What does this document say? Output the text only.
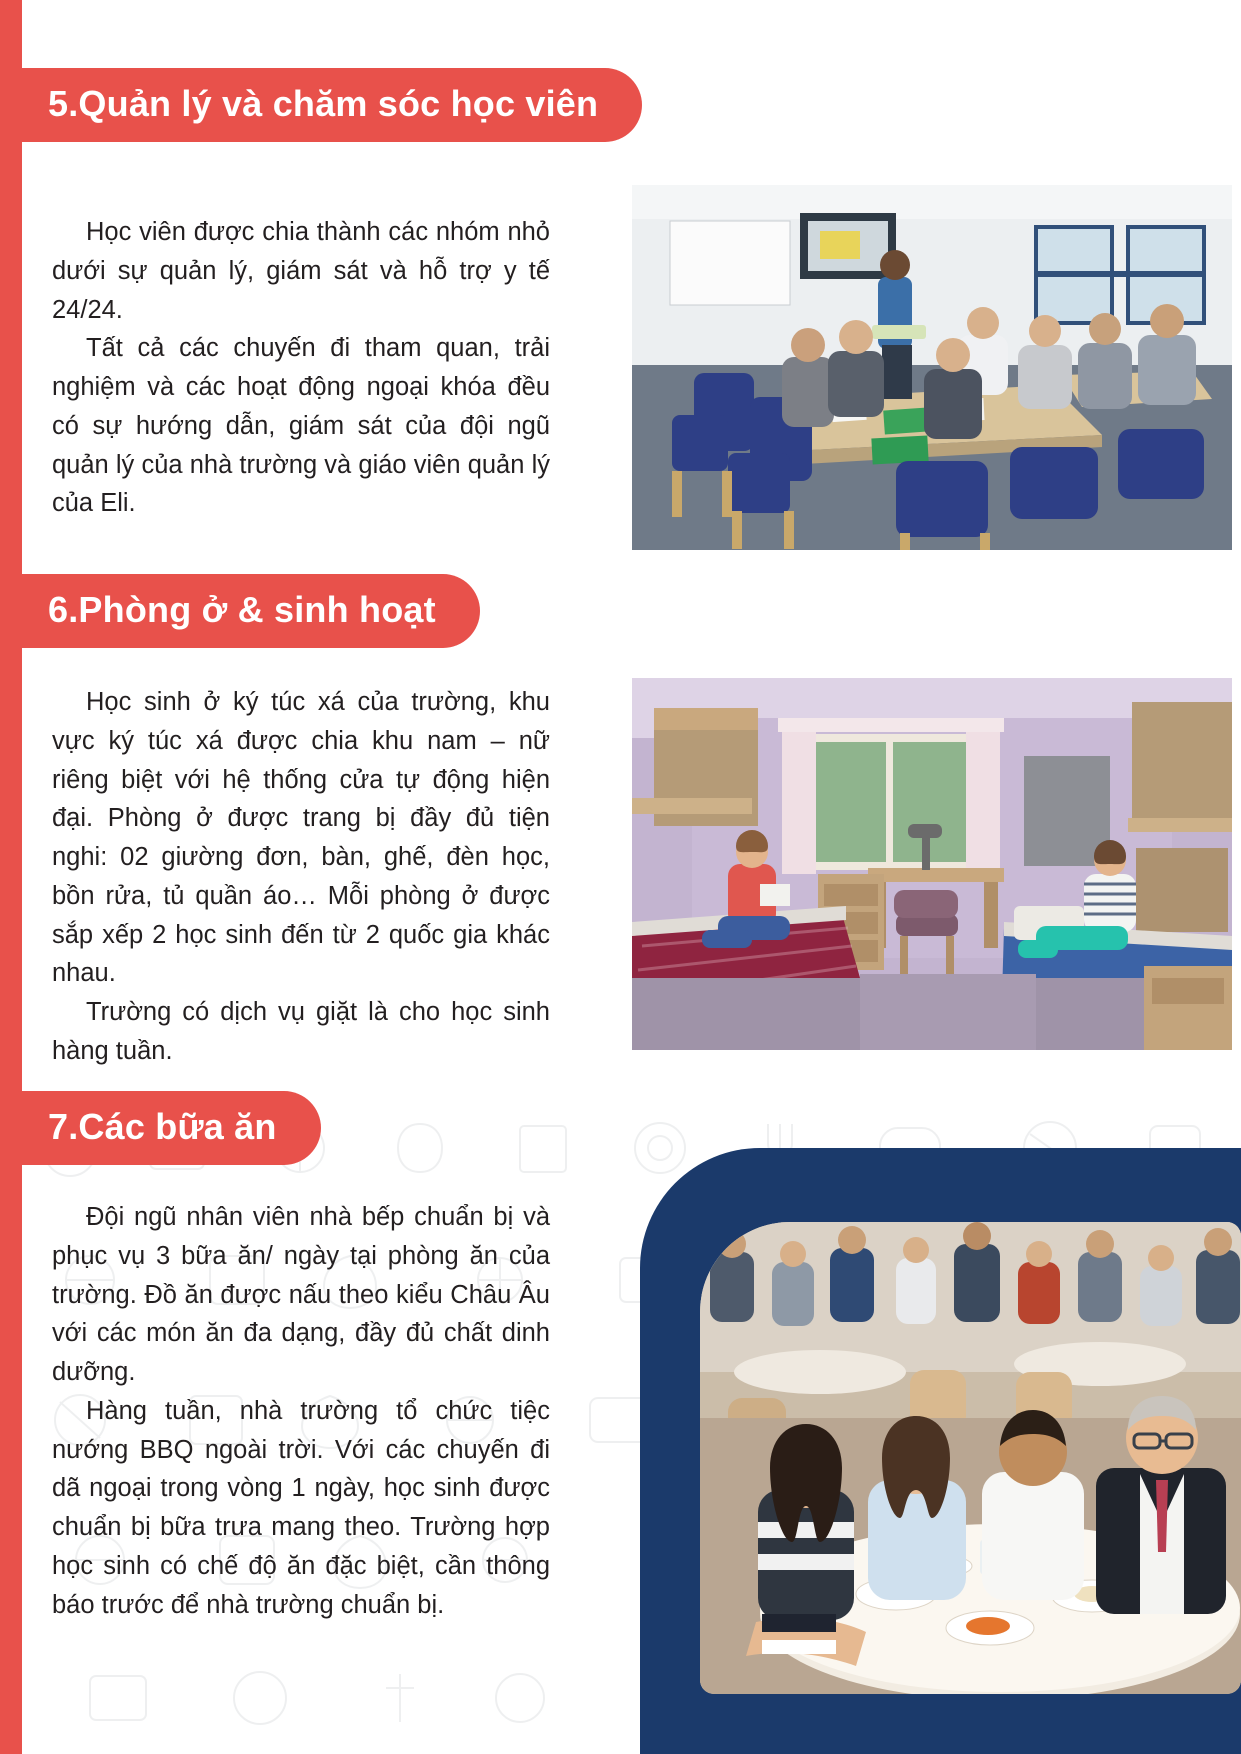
5.Quản lý và chăm sóc học viên

Học viên được chia thành các nhóm nhỏ dưới sự quản lý, giám sát và hỗ trợ y tế 24/24.

Tất cả các chuyến đi tham quan, trải nghiệm và các hoạt động ngoại khóa đều có sự hướng dẫn, giám sát của đội ngũ quản lý của nhà trường và giáo viên quản lý của Eli.

6.Phòng ở & sinh hoạt

Học sinh ở ký túc xá của trường, khu vực ký túc xá được chia khu nam – nữ riêng biệt với hệ thống cửa tự động hiện đại. Phòng ở được trang bị đầy đủ tiện nghi: 02 giường đơn, bàn, ghế, đèn học, bồn rửa, tủ quần áo… Mỗi phòng ở được sắp xếp 2 học sinh đến từ 2 quốc gia khác nhau.

Trường có dịch vụ giặt là cho học sinh hàng tuần.

7.Các bữa ăn

Đội ngũ nhân viên nhà bếp chuẩn bị và phục vụ 3 bữa ăn/ ngày tại phòng ăn của trường. Đồ ăn được nấu theo kiểu Châu Âu với các món ăn đa dạng, đầy đủ chất dinh dưỡng.

Hàng tuần, nhà trường tổ chức tiệc nướng BBQ ngoài trời. Với các chuyến đi dã ngoại trong vòng 1 ngày, học sinh được chuẩn bị bữa trưa mang theo. Trường hợp học sinh có chế độ ăn đặc biệt, cần thông báo trước để nhà trường chuẩn bị.
